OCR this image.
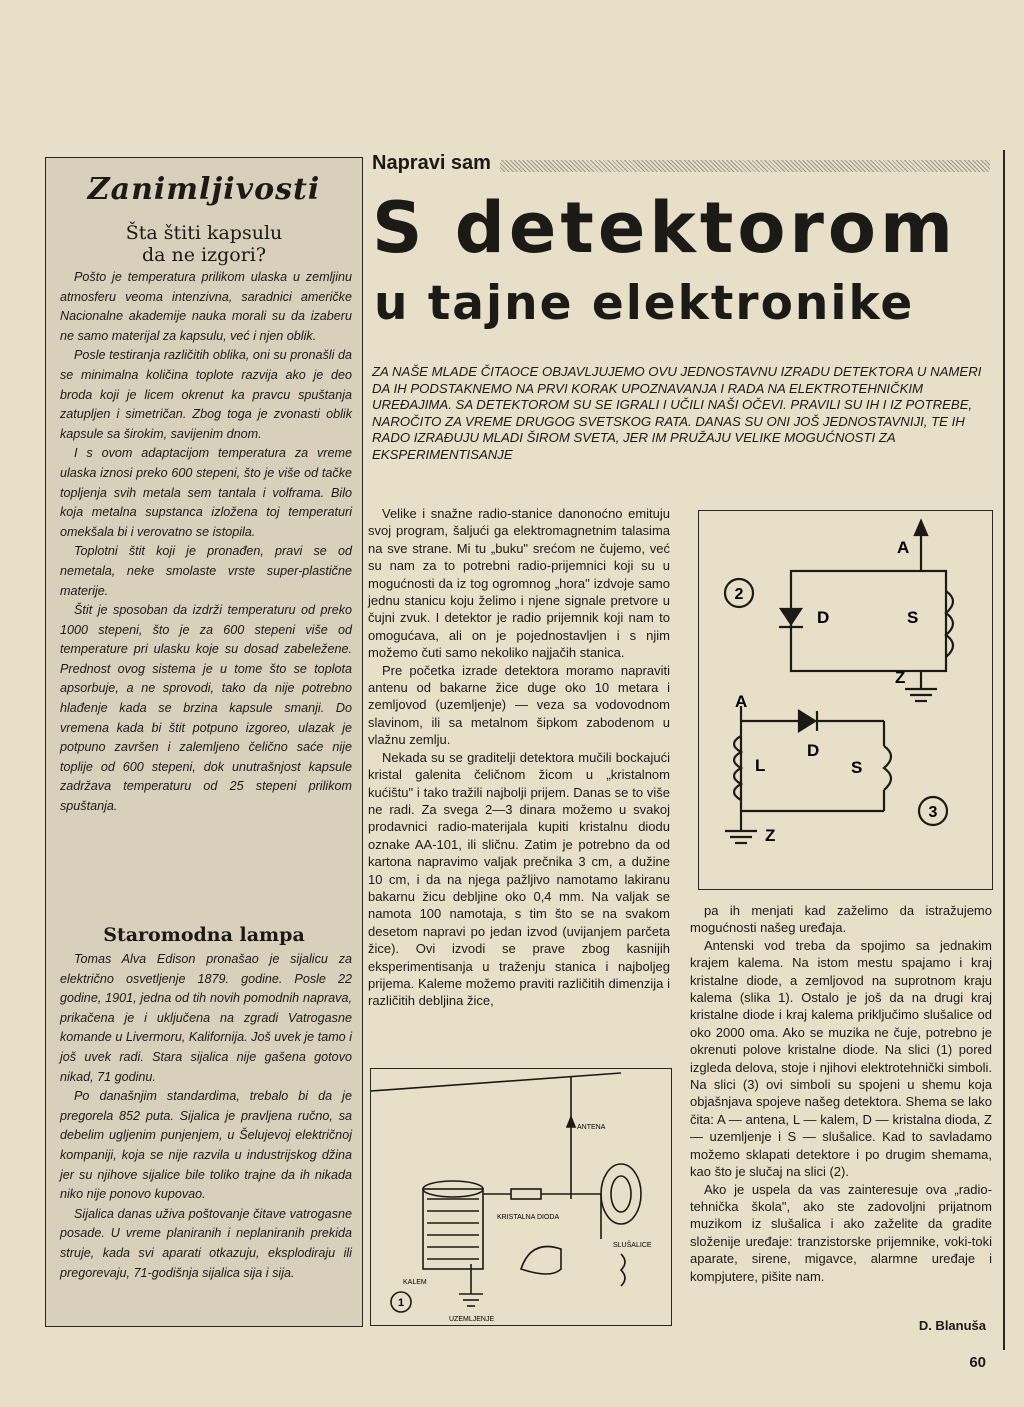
Zanimljivosti
Šta štiti kapsulu
da ne izgori?

Pošto je temperatura prilikom ulaska u zemljinu atmosferu veoma intenzivna, saradnici američke Nacionalne akademije nauka morali su da izaberu ne samo materijal za kapsulu, već i njen oblik.

Posle testiranja različitih oblika, oni su pronašli da se minimalna količina toplote razvija ako je deo broda koji je licem okrenut ka pravcu spuštanja zatupljen i simetričan. Zbog toga je zvonasti oblik kapsule sa širokim, savijenim dnom.

I s ovom adaptacijom temperatura za vreme ulaska iznosi preko 600 stepeni, što je više od tačke topljenja svih metala sem tantala i volframa. Bilo koja metalna supstanca izložena toj temperaturi omekšala bi i verovatno se istopila.

Toplotni štit koji je pronađen, pravi se od nemetala, neke smolaste vrste super-plastične materije.

Štit je sposoban da izdrži temperaturu od preko 1000 stepeni, što je za 600 stepeni više od temperature pri ulasku koje su dosad zabeležene. Prednost ovog sistema je u tome što se toplota apsorbuje, a ne sprovodi, tako da nije potrebno hlađenje kada se brzina kapsule smanji. Do vremena kada bi štit potpuno izgoreo, ulazak je potpuno završen i zalemljeno čelično saće nije toplije od 600 stepeni, dok unutrašnjost kapsule zadržava temperaturu od 25 stepeni prilikom spuštanja.

Staromodna lampa

Tomas Alva Edison pronašao je sijalicu za električno osvetljenje 1879. godine. Posle 22 godine, 1901, jedna od tih novih pomodnih naprava, prikačena je i uključena na zgradi Vatrogasne komande u Livermoru, Kalifornija. Još uvek je tamo i još uvek radi. Stara sijalica nije gašena gotovo nikad, 71 godinu.

Po današnjim standardima, trebalo bi da je pregorela 852 puta. Sijalica je pravljena ručno, sa debelim ugljenim punjenjem, u Šelujevoj električnoj kompaniji, koja se nije razvila u industrijskog džina jer su njihove sijalice bile toliko trajne da ih nikada niko nije ponovo kupovao.

Sijalica danas uživa poštovanje čitave vatrogasne posade. U vreme planiranih i neplaniranih prekida struje, kada svi aparati otkazuju, eksplodiraju ili pregorevaju, 71-godišnja sijalica sija i sija.

Napravi sam
S detektorom
u tajne elektronike
ZA NAŠE MLADE ČITAOCE OBJAVLJUJEMO OVU JEDNOSTAVNU IZRADU DETEKTORA U NAMERI DA IH PODSTAKNEMO NA PRVI KORAK UPOZNAVANJA I RADA NA ELEKTROTEHNIČKIM UREĐAJIMA. SA DETEKTOROM SU SE IGRALI I UČILI NAŠI OČEVI. PRAVILI SU IH I IZ POTREBE, NAROČITO ZA VREME DRUGOG SVETSKOG RATA. DANAS SU ONI JOŠ JEDNOSTAVNIJI, TE IH RADO IZRAĐUJU MLADI ŠIROM SVETA, JER IM PRUŽAJU VELIKE MOGUĆNOSTI ZA EKSPERIMENTISANJE

Velike i snažne radio-stanice danonoćno emituju svoj program, šaljući ga elektromagnetnim talasima na sve strane. Mi tu „buku" srećom ne čujemo, već su nam za to potrebni radio-prijemnici koji su u mogućnosti da iz tog ogromnog „hora" izdvoje samo jednu stanicu koju želimo i njene signale pretvore u čujni zvuk. I detektor je radio prijemnik koji nam to omogućava, ali on je pojednostavljen i s njim možemo čuti samo nekoliko najjačih stanica.

Pre početka izrade detektora moramo napraviti antenu od bakarne žice duge oko 10 metara i zemljovod (uzemljenje) — veza sa vodovodnom slavinom, ili sa metalnom šipkom zabodenom u vlažnu zemlju.

Nekada su se graditelji detektora mučili bockajući kristal galenita čeličnom žicom u „kristalnom kućištu" i tako tražili najbolji prijem. Danas se to više ne radi. Za svega 2—3 dinara možemo u svakoj prodavnici radio-materijala kupiti kristalnu diodu oznake AA-101, ili sličnu. Zatim je potrebno da od kartona napravimo valjak prečnika 3 cm, a dužine 10 cm, i da na njega pažljivo namotamo lakiranu bakarnu žicu debljine oko 0,4 mm. Na valjak se namota 100 namotaja, s tim što se na svakom desetom napravi po jedan izvod (uvijanjem parčeta žice). Ovi izvodi se prave zbog kasnijih eksperimentisanja u traženju stanica i najboljeg prijema. Kaleme možemo praviti različitih dimenzija i različitih debljina žice,

2
A
D	S
Z
A
L
D
S
Z
3
ANTENA
KRISTALNA DIODA
SLUŠALICE
KALEM
UZEMLJENJE
1

pa ih menjati kad zaželimo da istražujemo mogućnosti našeg uređaja.

Antenski vod treba da spojimo sa jednakim krajem kalema. Na istom mestu spajamo i kraj kristalne diode, a zemljovod na suprotnom kraju kalema (slika 1). Ostalo je još da na drugi kraj kristalne diode i kraj kalema priključimo slušalice od oko 2000 oma. Ako se muzika ne čuje, potrebno je okrenuti polove kristalne diode. Na slici (1) pored izgleda delova, stoje i njihovi elektrotehnički simboli. Na slici (3) ovi simboli su spojeni u shemu koja objašnjava spojeve našeg detektora. Shema se lako čita: A — antena, L — kalem, D — kristalna dioda, Z — uzemljenje i S — slušalice. Kad to savladamo možemo sklapati detektore i po drugim shemama, kao što je slučaj na slici (2).

Ako je uspela da vas zainteresuje ova „radio-tehnička škola", ako ste zadovoljni prijatnom muzikom iz slušalica i ako zaželite da gradite složenije uređaje: tranzistorske prijemnike, voki-toki aparate, sirene, migavce, alarmne uređaje i kompjutere, pišite nam.

D. Blanuša
60
